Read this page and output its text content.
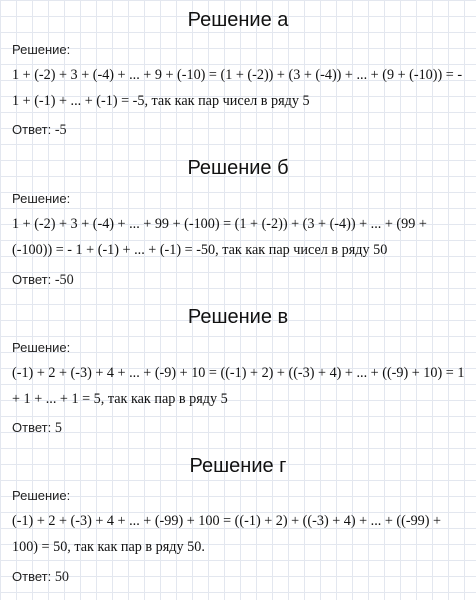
Решение а
Решение:
1 + (-2) + 3 + (-4) + ... + 9 + (-10) = (1 + (-2)) + (3 + (-4)) + ... + (9 + (-10)) = -
1 + (-1) + ... + (-1) = -5, так как пар чисел в ряду 5
Ответ: -5
Решение б
Решение:
1 + (-2) + 3 + (-4) + ... + 99 + (-100) = (1 + (-2)) + (3 + (-4)) + ... + (99 +
(-100)) = - 1 + (-1) + ... + (-1) = -50, так как пар чисел в ряду 50
Ответ: -50
Решение в
Решение:
(-1) + 2 + (-3) + 4 + ... + (-9) + 10 = ((-1) + 2) + ((-3) + 4) + ... + ((-9) + 10) = 1
+ 1 + ... + 1 = 5, так как пар в ряду 5
Ответ: 5
Решение г
Решение:
(-1) + 2 + (-3) + 4 + ... + (-99) + 100 = ((-1) + 2) + ((-3) + 4) + ... + ((-99) +
100) = 50, так как пар в ряду 50.
Ответ: 50
